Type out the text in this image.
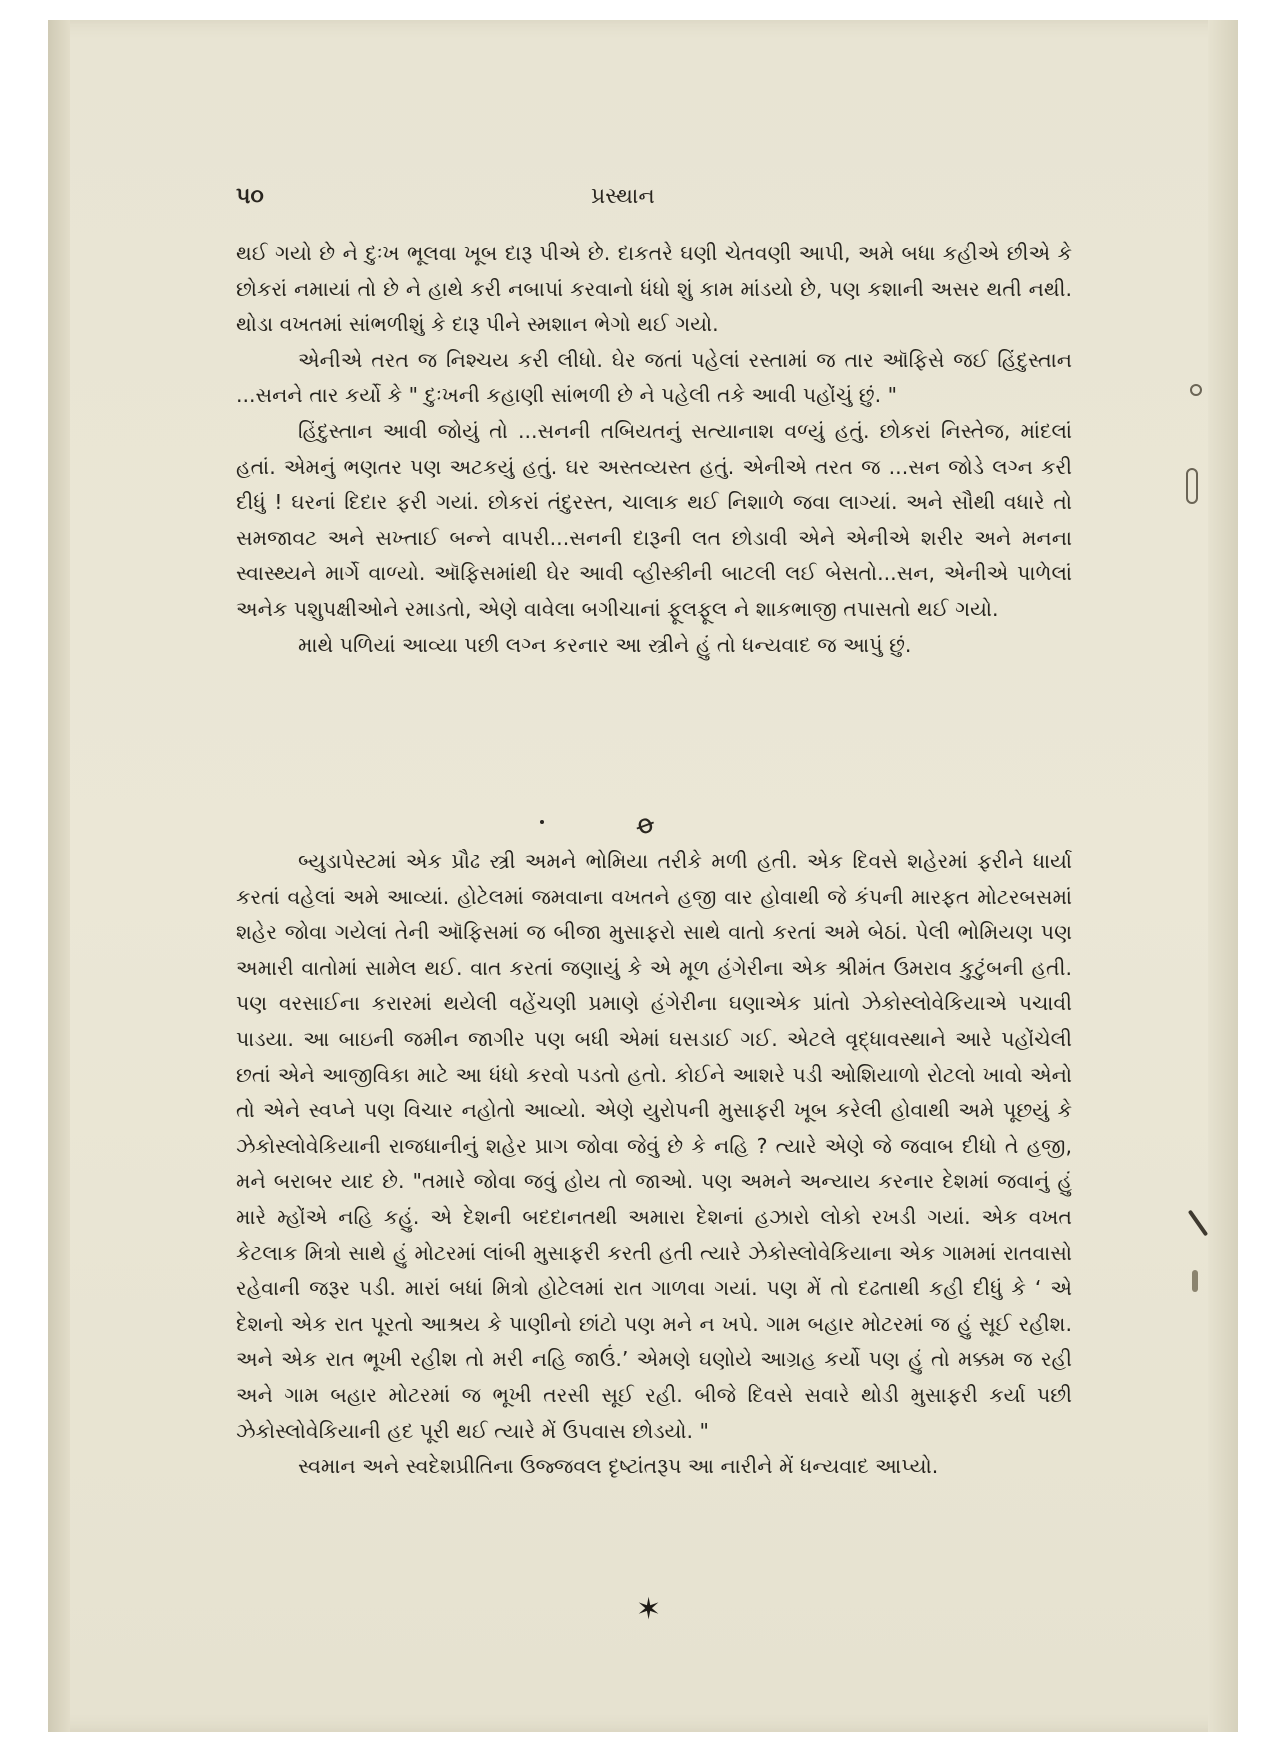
૫૦	પ્રસ્થાન

થઈ ગયો છે ને દુઃખ ભૂલવા ખૂબ દારૂ પીએ છે. દાકતરે ઘણી ચેતવણી આપી, અમે બધા કહીએ છીએ કે છોકરાં નમાયાં તો છે ને હાથે કરી નબાપાં કરવાનો ધંધો શું કામ માંડયો છે, પણ કશાની અસર થતી નથી. થોડા વખતમાં સાંભળીશું કે દારૂ પીને સ્મશાન ભેગો થઈ ગયો.

એનીએ તરત જ નિશ્ચય કરી લીધો. ઘેર જતાં પહેલાં રસ્તામાં જ તાર ઑફિસે જઈ હિંદુસ્તાન ...સનને તાર કર્યો કે " દુઃખની કહાણી સાંભળી છે ને પહેલી તકે આવી પહોંચું છું. "

હિંદુસ્તાન આવી જોયું તો ...સનની તબિયતનું સત્યાનાશ વળ્યું હતું. છોકરાં નિસ્તેજ, માંદલાં હતાં. એમનું ભણતર પણ અટકયું હતું. ઘર અસ્તવ્યસ્ત હતું. એનીએ તરત જ ...સન જોડે લગ્ન કરી દીધું ! ઘરનાં દિદાર ફરી ગયાં. છોકરાં તંદુરસ્ત, ચાલાક થઈ નિશાળે જવા લાગ્યાં. અને સૌથી વધારે તો સમજાવટ અને સખ્તાઈ બન્ને વાપરી...સનની દારૂની લત છોડાવી એને એનીએ શરીર અને મનના સ્વાસ્થ્યને માર્ગે વાળ્યો. ઑફિસમાંથી ઘેર આવી વ્હીસ્કીની બાટલી લઈ બેસતો...સન, એનીએ પાળેલાં અનેક પશુપક્ષીઓને રમાડતો, એણે વાવેલા બગીચાનાં ફૂલફૂલ ને શાકભાજી તપાસતો થઈ ગયો.

માથે પળિયાં આવ્યા પછી લગ્ન કરનાર આ સ્ત્રીને હું તો ધન્યવાદ જ આપું છું.

ꝋ

બ્યુડાપેસ્ટમાં એક પ્રૌઢ સ્ત્રી અમને ભોમિયા તરીકે મળી હતી. એક દિવસે શહેરમાં ફરીને ધાર્યા કરતાં વહેલાં અમે આવ્યાં. હોટેલમાં જમવાના વખતને હજી વાર હોવાથી જે કંપની મારફત મોટરબસમાં શહેર જોવા ગયેલાં તેની ઑફિસમાં જ બીજા મુસાફરો સાથે વાતો કરતાં અમે બેઠાં. પેલી ભોમિયણ પણ અમારી વાતોમાં સામેલ થઈ. વાત કરતાં જણાયું કે એ મૂળ હંગેરીના એક શ્રીમંત ઉમરાવ કુટુંબની હતી. પણ વરસાઈના કરારમાં થયેલી વહેંચણી પ્રમાણે હંગેરીના ઘણાએક પ્રાંતો ઝેકોસ્લોવેકિયાએ પચાવી પાડયા. આ બાઇની જમીન જાગીર પણ બધી એમાં ઘસડાઈ ગઈ. એટલે વૃદ્ધાવસ્થાને આરે પહોંચેલી છતાં એને આજીવિકા માટે આ ધંધો કરવો પડતો હતો. કોઈને આશરે પડી ઓશિયાળો રોટલો ખાવો એનો તો એને સ્વપ્ને પણ વિચાર નહોતો આવ્યો. એણે યુરોપની મુસાફરી ખૂબ કરેલી હોવાથી અમે પૂછયું કે ઝેકોસ્લોવેકિયાની રાજધાનીનું શહેર પ્રાગ જોવા જેવું છે કે નહિ ? ત્યારે એણે જે જવાબ દીધો તે હજી, મને બરાબર યાદ છે. "તમારે જોવા જવું હોય તો જાઓ. પણ અમને અન્યાય કરનાર દેશમાં જવાનું હું મારે મ્હોંએ નહિ કહું. એ દેશની બદદાનતથી અમારા દેશનાં હઝારો લોકો રખડી ગયાં. એક વખત કેટલાક મિત્રો સાથે હું મોટરમાં લાંબી મુસાફરી કરતી હતી ત્યારે ઝેકોસ્લોવેકિયાના એક ગામમાં રાતવાસો રહેવાની જરૂર પડી. મારાં બધાં મિત્રો હોટેલમાં રાત ગાળવા ગયાં. પણ મેં તો દઢતાથી કહી દીધું કે ‘ એ દેશનો એક રાત પૂરતો આશ્રય કે પાણીનો છાંટો પણ મને ન ખપે. ગામ બહાર મોટરમાં જ હું સૂઈ રહીશ. અને એક રાત ભૂખી રહીશ તો મરી નહિ જાઉં.’ એમણે ઘણોયે આગ્રહ કર્યો પણ હું તો મક્કમ જ રહી અને ગામ બહાર મોટરમાં જ ભૂખી તરસી સૂઈ રહી. બીજે દિવસે સવારે થોડી મુસાફરી કર્યા પછી ઝેકોસ્લોવેકિયાની હદ પૂરી થઈ ત્યારે મેં ઉપવાસ છોડયો. "

સ્વમાન અને સ્વદેશપ્રીતિના ઉજ્જવલ દૃષ્ટાંતરૂપ આ નારીને મેં ધન્યવાદ આપ્યો.

✶
